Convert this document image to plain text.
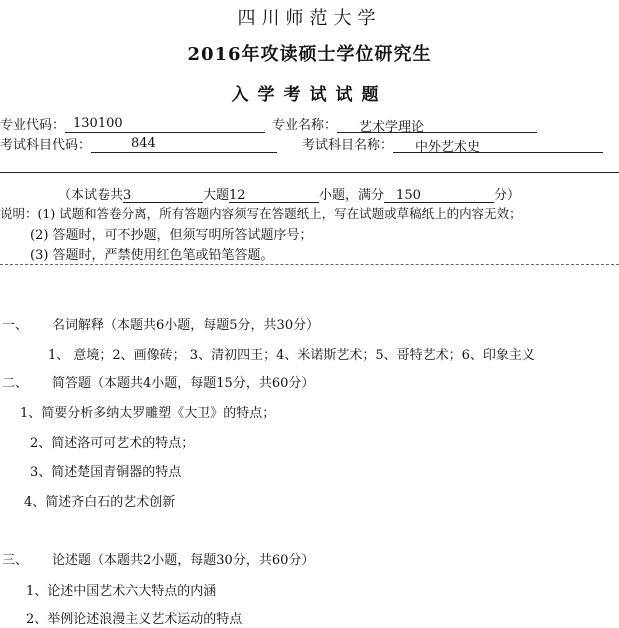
四川师范大学
2016年攻读硕士学位研究生
入学考试试题
专业代码： 130100	专业名称： 艺术学理论
考试科目代码：	844	考试科目名称： 中外艺术史
（本试卷共3	大题12	小题，满分 150	分）
说明：(1) 试题和答卷分离，所有答题内容须写在答题纸上，写在试题或草稿纸上的内容无效；
(2) 答题时，可不抄题，但须写明所答试题序号；
(3) 答题时，严禁使用红色笔或铅笔答题。
一、 名词解释（本题共6小题，每题5分，共30分）
1、 意境；2、画像砖； 3、清初四王；4、米诺斯艺术；5、哥特艺术；6、印象主义
二、 简答题（本题共4小题，每题15分，共60分）
1、简要分析多纳太罗雕塑《大卫》的特点；
2、简述洛可可艺术的特点；
3、简述楚国青铜器的特点
4、简述齐白石的艺术创新
三、 论述题（本题共2小题，每题30分，共60分）
1、论述中国艺术六大特点的内涵
2、举例论述浪漫主义艺术运动的特点
